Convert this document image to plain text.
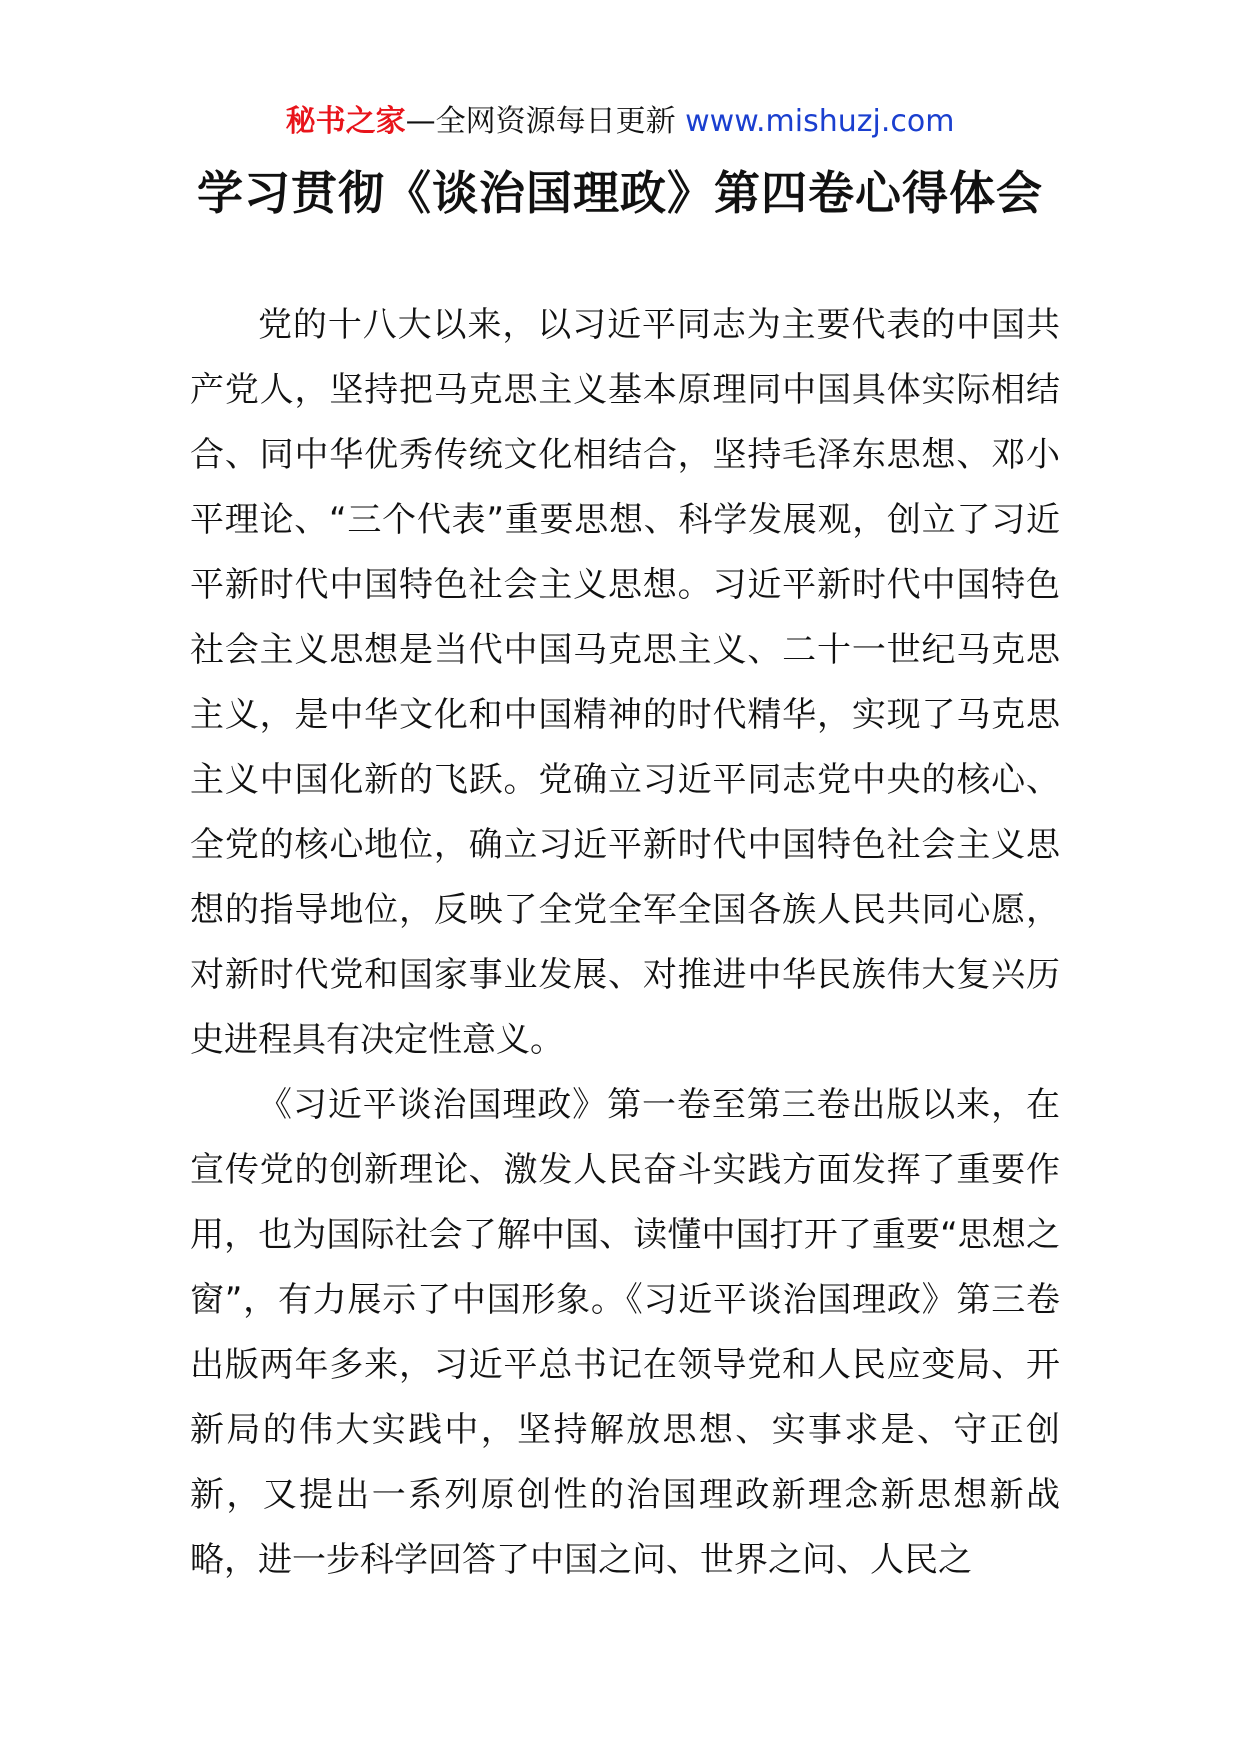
秘书之家—全网资源每日更新 www.mishuzj.com
学习贯彻《谈治国理政》第四卷心得体会

党的十八大以来，以习近平同志为主要代表的中国共产党人，坚持把马克思主义基本原理同中国具体实际相结合、同中华优秀传统文化相结合，坚持毛泽东思想、邓小平理论、“三个代表”重要思想、科学发展观，创立了习近平新时代中国特色社会主义思想。习近平新时代中国特色社会主义思想是当代中国马克思主义、二十一世纪马克思主义，是中华文化和中国精神的时代精华，实现了马克思主义中国化新的飞跃。党确立习近平同志党中央的核心、全党的核心地位，确立习近平新时代中国特色社会主义思想的指导地位，反映了全党全军全国各族人民共同心愿，对新时代党和国家事业发展、对推进中华民族伟大复兴历史进程具有决定性意义。

《习近平谈治国理政》第一卷至第三卷出版以来，在宣传党的创新理论、激发人民奋斗实践方面发挥了重要作用，也为国际社会了解中国、读懂中国打开了重要“思想之窗”，有力展示了中国形象。《习近平谈治国理政》第三卷出版两年多来，习近平总书记在领导党和人民应变局、开新局的伟大实践中，坚持解放思想、实事求是、守正创新，又提出一系列原创性的治国理政新理念新思想新战略，进一步科学回答了中国之问、世界之问、人民之
